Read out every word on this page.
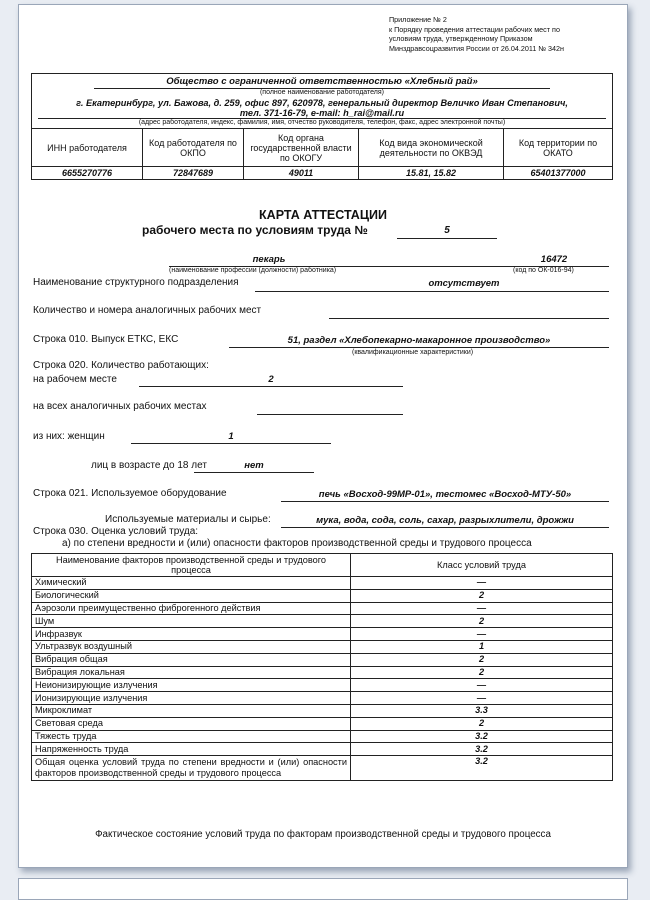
Приложение № 2
к Порядку проведения аттестации рабочих мест по
условиям труда, утвержденному Приказом
Минздравсоцразвития России от 26.04.2011 № 342н
Общество с ограниченной ответственностью «Хлебный рай»
(полное наименование работодателя)
г. Екатеринбург, ул. Бажова, д. 259, офис 897, 620978, генеральный директор Величко Иван Степанович,
тел. 371-16-79, e-mail: h_rai@mail.ru
(адрес работодателя, индекс, фамилия, имя, отчество руководителя, телефон, факс, адрес электронной почты)				

ИНН работодателя	Код работодателя по ОКПО	Код органа государственной власти по ОКОГУ	Код вида экономической деятельности по ОКВЭД	Код территории по ОКАТО
6655270776	72847689	49011	15.81, 15.82	65401377000
КАРТА АТТЕСТАЦИИ
рабочего места по условиям труда №	5
пекарь	16472
(наименование профессии (должности) работника)	(код по ОК-016-94)
Наименование структурного подразделения	отсутствует
Количество и номера аналогичных рабочих мест
Строка 010. Выпуск ЕТКС, ЕКС	51, раздел «Хлебопекарно-макаронное производство»
(квалификационные характеристики)
Строка 020. Количество работающих:
на рабочем месте	2
на всех аналогичных рабочих местах
из них: женщин	1
лиц в возрасте до 18 лет	нет
Строка 021. Используемое оборудование	печь «Восход-99МР-01», тестомес «Восход-МТУ-50»
Используемые материалы и сырье:	мука, вода, сода, соль, сахар, разрыхлители, дрожжи
Строка 030. Оценка условий труда:
а) по степени вредности и (или) опасности факторов производственной среды и трудового процесса
Наименование факторов производственной среды и трудового процесса	Класс условий труда
Химический	—
Биологический	2
Аэрозоли преимущественно фиброгенного действия	—
Шум	2
Инфразвук	—
Ультразвук воздушный	1
Вибрация общая	2
Вибрация локальная	2
Неионизирующие излучения	—
Ионизирующие излучения	—
Микроклимат	3.3
Световая среда	2
Тяжесть труда	3.2
Напряженность труда	3.2
Общая оценка условий труда по степени вредности и (или) опасности факторов производственной среды и трудового процесса	3.2
Фактическое состояние условий труда по факторам производственной среды и трудового процесса
